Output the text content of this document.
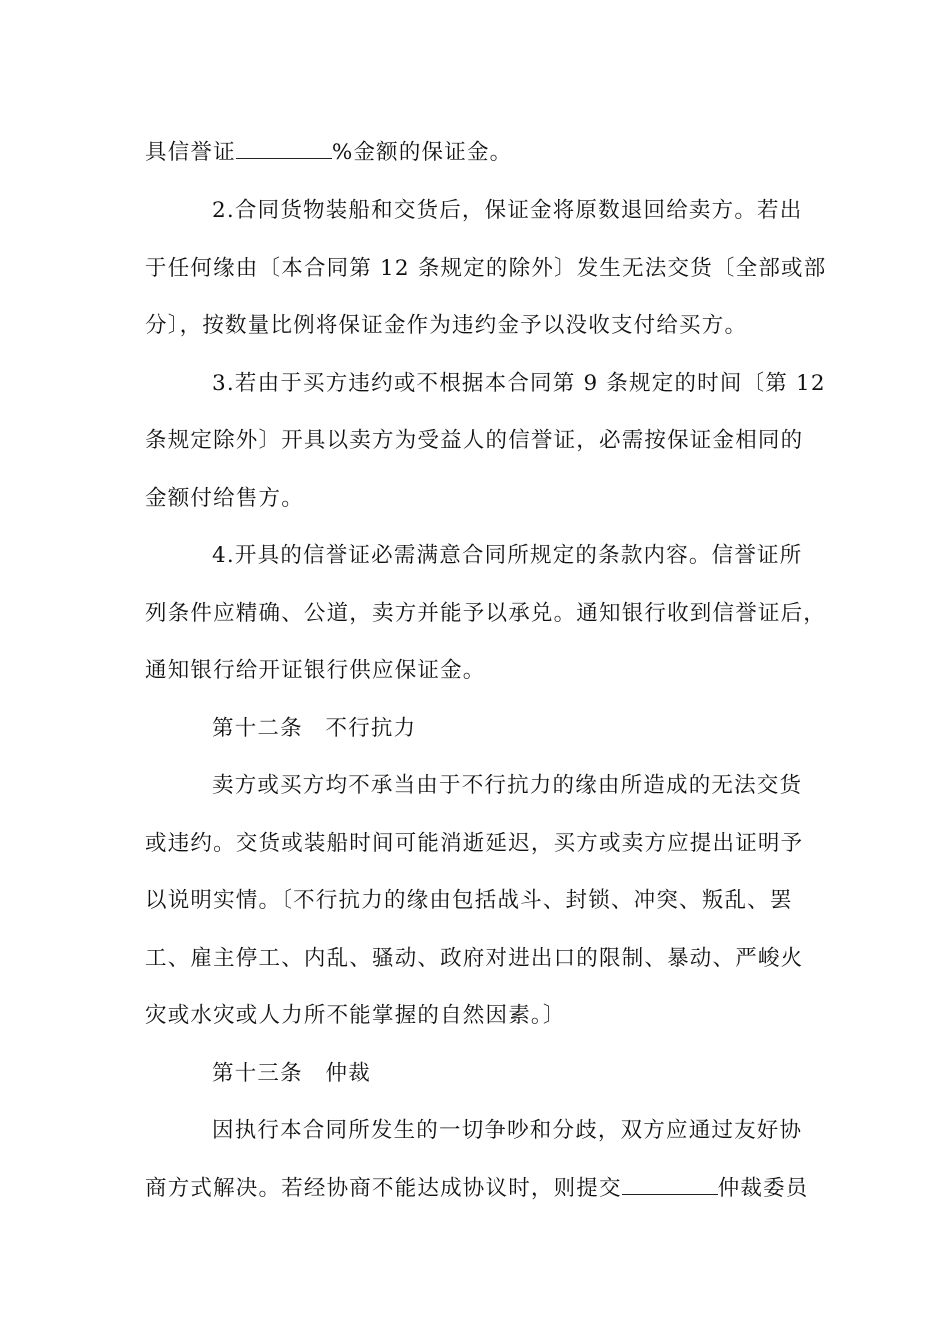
具信誉证	%金额的保证金。
2.合同货物装船和交货后，保证金将原数退回给卖方。若出
于任何缘由〔本合同第 12 条规定的除外〕发生无法交货〔全部或部
分〕，按数量比例将保证金作为违约金予以没收支付给买方。
3.若由于买方违约或不根据本合同第 9 条规定的时间〔第 12
条规定除外〕开具以卖方为受益人的信誉证，必需按保证金相同的
金额付给售方。
4.开具的信誉证必需满意合同所规定的条款内容。信誉证所
列条件应精确、公道，卖方并能予以承兑。通知银行收到信誉证后，
通知银行给开证银行供应保证金。
第十二条　不行抗力
卖方或买方均不承当由于不行抗力的缘由所造成的无法交货
或违约。交货或装船时间可能消逝延迟，买方或卖方应提出证明予
以说明实情。〔不行抗力的缘由包括战斗、封锁、冲突、叛乱、罢
工、雇主停工、内乱、骚动、政府对进出口的限制、暴动、严峻火
灾或水灾或人力所不能掌握的自然因素。〕
第十三条　仲裁
因执行本合同所发生的一切争吵和分歧，双方应通过友好协
商方式解决。若经协商不能达成协议时，则提交	仲裁委员
